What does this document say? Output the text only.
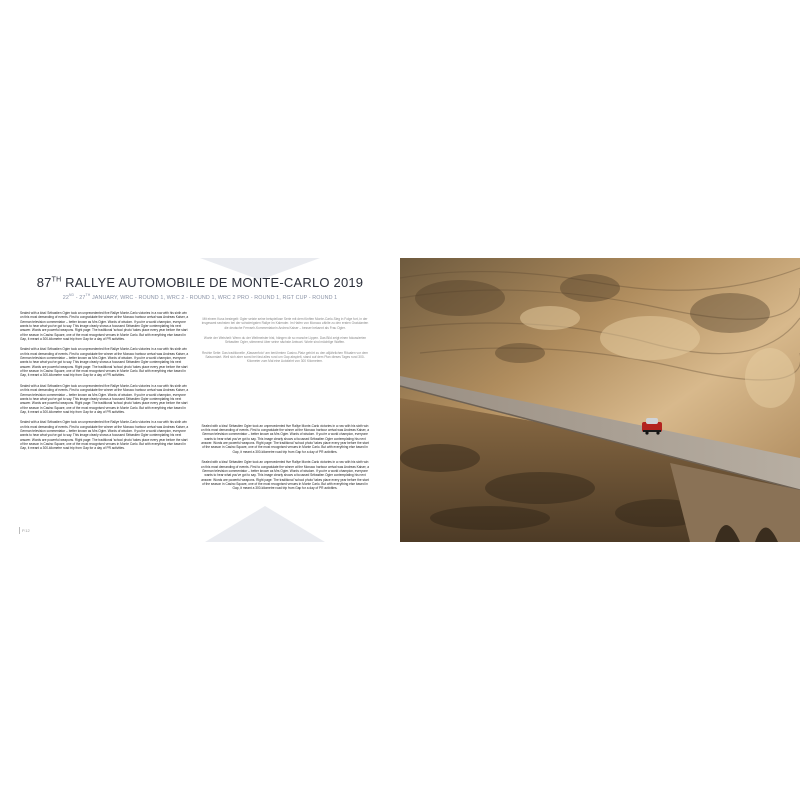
87TH RALLYE AUTOMOBILE DE MONTE-CARLO 2019
22ND - 27TH JANUARY, WRC - ROUND 1, WRC 2 - ROUND 1, WRC 2 PRO - ROUND 1, RGT CUP - ROUND 1

Sealed with a kiss! Sébastien Ogier took an unprecedented five Rallye Monte-Carlo victories in a row with his sixth win on this most demanding of events. First to congratulate the winner at the Monaco harbour arrival was Andreas Kaiser, a German television commentator – better known as Mrs Ogier. Words of wisdom. If you're a world champion, everyone wants to hear what you've got to say. This image clearly shows a focussed Sébastien Ogier contemplating his next answer. Words are powerful weapons. Right page: The traditional 'school photo' takes place every year before the start of the season in Casino Square, one of the most recognised venues in Monte Carlo. But with everything else based in Gap, it meant a 300-kilometre road trip from Gap for a day of PR activities.

Sealed with a kiss! Sébastien Ogier took an unprecedented five Rallye Monte-Carlo victories in a row with his sixth win on this most demanding of events. First to congratulate the winner at the Monaco harbour arrival was Andreas Kaiser, a German television commentator – better known as Mrs Ogier. Words of wisdom. If you're a world champion, everyone wants to hear what you've got to say. This image clearly shows a focussed Sébastien Ogier contemplating his next answer. Words are powerful weapons. Right page: The traditional 'school photo' takes place every year before the start of the season in Casino Square, one of the most recognised venues in Monte Carlo. But with everything else based in Gap, it meant a 300-kilometre road trip from Gap for a day of PR activities.

Sealed with a kiss! Sébastien Ogier took an unprecedented five Rallye Monte-Carlo victories in a row with his sixth win on this most demanding of events. First to congratulate the winner at the Monaco harbour arrival was Andreas Kaiser, a German television commentator – better known as Mrs Ogier. Words of wisdom. If you're a world champion, everyone wants to hear what you've got to say. This image clearly shows a focussed Sébastien Ogier contemplating his next answer. Words are powerful weapons. Right page: The traditional 'school photo' takes place every year before the start of the season in Casino Square, one of the most recognised venues in Monte Carlo. But with everything else based in Gap, it meant a 300-kilometre road trip from Gap for a day of PR activities.

Sealed with a kiss! Sébastien Ogier took an unprecedented five Rallye Monte-Carlo victories in a row with his sixth win on this most demanding of events. First to congratulate the winner at the Monaco harbour arrival was Andreas Kaiser, a German television commentator – better known as Mrs Ogier. Words of wisdom. If you're a world champion, everyone wants to hear what you've got to say. This image clearly shows a focussed Sébastien Ogier contemplating his next answer. Words are powerful weapons. Right page: The traditional 'school photo' takes place every year before the start of the season in Casino Square, one of the most recognised venues in Monte Carlo. But with everything else based in Gap, it meant a 300-kilometre road trip from Gap for a day of PR activities.

Mit einem Kuss besiegelt: Ogier setzte seine beispiellose Serie mit dem fünften Monte-Carlo-Sieg in Folge fort, in der insgesamt sechsten bei der schwierigsten Rallye im Kalender. Im Hafen von Monaco zählte zu den ersten Gratulanten die deutsche Fernseh-Kommentatorin Andrea Kaiser – besser bekannt als Frau Ogier.

Worte der Weisheit: Wenn du der Weltmeister bist, hängen dir so manche Lippen. Das Bild zeigt einen fokussierten Sébastien Ogier, stimmend über seine nächste Antwort. Worte sind mächtige Waffen.

Rechte Seite: Das traditionelle „Klassenfoto“ am berühmten Casino-Platz gehört zu den alljährlichen Ritualen vor dem Saisonstart. Weil sich aber sonst bei fast alles rund um Gap abspielt, stand auf dem Plan dieses Tages rund 300-Kilometer zum Mal eine Autofahrt von 300 Kilometern.

Sealed with a kiss! Sébastien Ogier took an unprecedented five Rallye Monte-Carlo victories in a row with his sixth win on this most demanding of events. First to congratulate the winner at the Monaco harbour arrival was Andreas Kaiser, a German television commentator – better known as Mrs Ogier. Words of wisdom. If you're a world champion, everyone wants to hear what you've got to say. This image clearly shows a focussed Sébastien Ogier contemplating his next answer. Words are powerful weapons. Right page: The traditional 'school photo' takes place every year before the start of the season in Casino Square, one of the most recognised venues in Monte Carlo. But with everything else based in Gap, it meant a 300-kilometre road trip from Gap for a day of PR activities.

Sealed with a kiss! Sébastien Ogier took an unprecedented five Rallye Monte-Carlo victories in a row with his sixth win on this most demanding of events. First to congratulate the winner at the Monaco harbour arrival was Andreas Kaiser, a German television commentator – better known as Mrs Ogier. Words of wisdom. If you're a world champion, everyone wants to hear what you've got to say. This image clearly shows a focussed Sébastien Ogier contemplating his next answer. Words are powerful weapons. Right page: The traditional 'school photo' takes place every year before the start of the season in Casino Square, one of the most recognised venues in Monte Carlo. But with everything else based in Gap, it meant a 300-kilometre road trip from Gap for a day of PR activities.

P.12
